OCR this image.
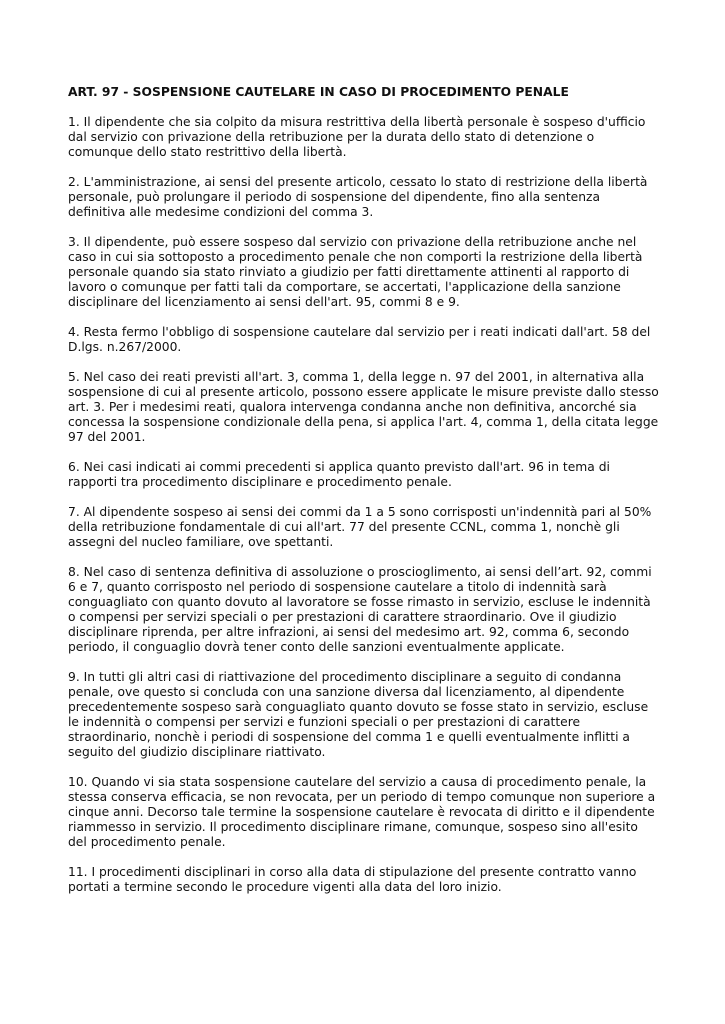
ART. 97 - SOSPENSIONE CAUTELARE IN CASO DI PROCEDIMENTO PENALE

1. Il dipendente che sia colpito da misura restrittiva della libertà personale è sospeso d'ufficio dal servizio con privazione della retribuzione per la durata dello stato di detenzione o comunque dello stato restrittivo della libertà.

2. L'amministrazione, ai sensi del presente articolo, cessato lo stato di restrizione della libertà personale, può prolungare il periodo di sospensione del dipendente, fino alla sentenza definitiva alle medesime condizioni del comma 3.

3. Il dipendente, può essere sospeso dal servizio con privazione della retribuzione anche nel caso in cui sia sottoposto a procedimento penale che non comporti la restrizione della libertà personale quando sia stato rinviato a giudizio per fatti direttamente attinenti al rapporto di lavoro o comunque per fatti tali da comportare, se accertati, l'applicazione della sanzione disciplinare del licenziamento ai sensi dell'art. 95, commi 8 e 9.

4. Resta fermo l'obbligo di sospensione cautelare dal servizio per i reati indicati dall'art. 58 del D.lgs. n.267/2000.

5. Nel caso dei reati previsti all'art. 3, comma 1, della legge n. 97 del 2001, in alternativa alla sospensione di cui al presente articolo, possono essere applicate le misure previste dallo stesso art. 3. Per i medesimi reati, qualora intervenga condanna anche non definitiva, ancorché sia concessa la sospensione condizionale della pena, si applica l'art. 4, comma 1, della citata legge 97 del 2001.

6. Nei casi indicati ai commi precedenti si applica quanto previsto dall'art. 96 in tema di rapporti tra procedimento disciplinare e procedimento penale.

7. Al dipendente sospeso ai sensi dei commi da 1 a 5 sono corrisposti un'indennità pari al 50% della retribuzione fondamentale di cui all'art. 77 del presente CCNL, comma 1, nonchè gli assegni del nucleo familiare, ove spettanti.

8. Nel caso di sentenza definitiva di assoluzione o proscioglimento, ai sensi dell’art. 92, commi 6 e 7, quanto corrisposto nel periodo di sospensione cautelare a titolo di indennità sarà conguagliato con quanto dovuto al lavoratore se fosse rimasto in servizio, escluse le indennità o compensi per servizi speciali o per prestazioni di carattere straordinario. Ove il giudizio disciplinare riprenda, per altre infrazioni, ai sensi del medesimo art. 92, comma 6, secondo periodo, il conguaglio dovrà tener conto delle sanzioni eventualmente applicate.

9. In tutti gli altri casi di riattivazione del procedimento disciplinare a seguito di condanna penale, ove questo si concluda con una sanzione diversa dal licenziamento, al dipendente precedentemente sospeso sarà conguagliato quanto dovuto se fosse stato in servizio, escluse le indennità o compensi per servizi e funzioni speciali o per prestazioni di carattere straordinario, nonchè i periodi di sospensione del comma 1 e quelli eventualmente inflitti a seguito del giudizio disciplinare riattivato.

10. Quando vi sia stata sospensione cautelare del servizio a causa di procedimento penale, la stessa conserva efficacia, se non revocata, per un periodo di tempo comunque non superiore a cinque anni. Decorso tale termine la sospensione cautelare è revocata di diritto e il dipendente riammesso in servizio. Il procedimento disciplinare rimane, comunque, sospeso sino all'esito del procedimento penale.

11. I procedimenti disciplinari in corso alla data di stipulazione del presente contratto vanno portati a termine secondo le procedure vigenti alla data del loro inizio.
